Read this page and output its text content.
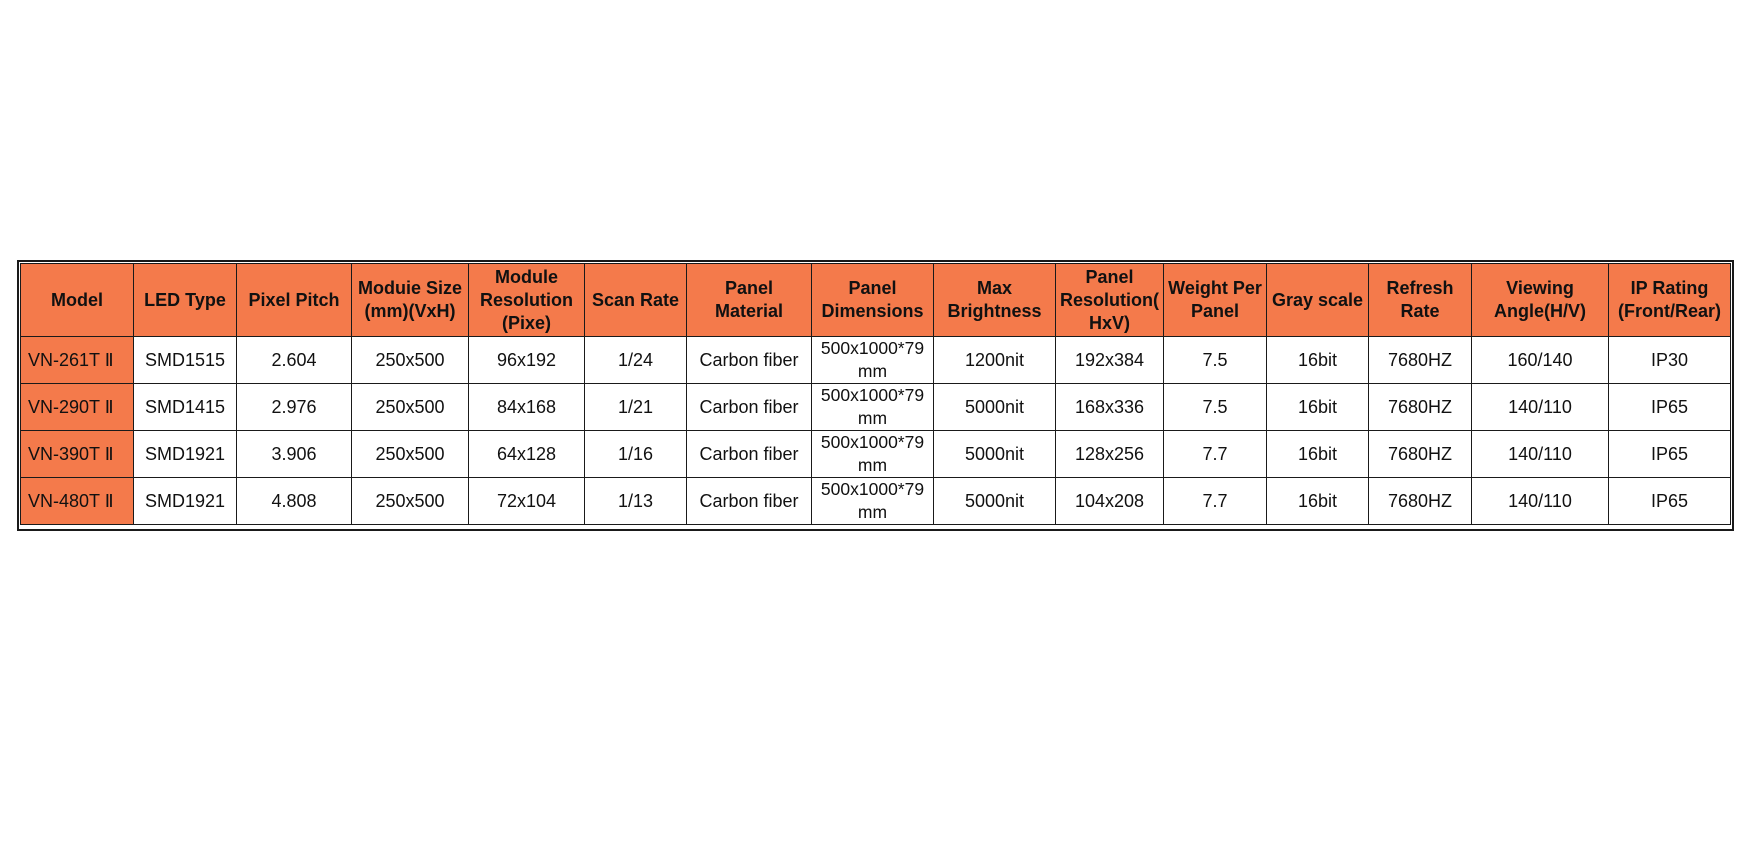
Model	LED Type	Pixel Pitch	Moduie Size (mm)(VxH)	Module Resolution (Pixe)	Scan Rate	Panel Material	Panel Dimensions	Max Brightness	Panel Resolution( HxV)	Weight Per Panel	Gray scale	Refresh Rate	Viewing Angle(H/V)	IP Rating (Front/Rear)
VN-261T Ⅱ	SMD1515	2.604	250x500	96x192	1/24	Carbon fiber	500x1000*79 mm	1200nit	192x384	7.5	16bit	7680HZ	160/140	IP30
VN-290T Ⅱ	SMD1415	2.976	250x500	84x168	1/21	Carbon fiber	500x1000*79 mm	5000nit	168x336	7.5	16bit	7680HZ	140/110	IP65
VN-390T Ⅱ	SMD1921	3.906	250x500	64x128	1/16	Carbon fiber	500x1000*79 mm	5000nit	128x256	7.7	16bit	7680HZ	140/110	IP65
VN-480T Ⅱ	SMD1921	4.808	250x500	72x104	1/13	Carbon fiber	500x1000*79 mm	5000nit	104x208	7.7	16bit	7680HZ	140/110	IP65
